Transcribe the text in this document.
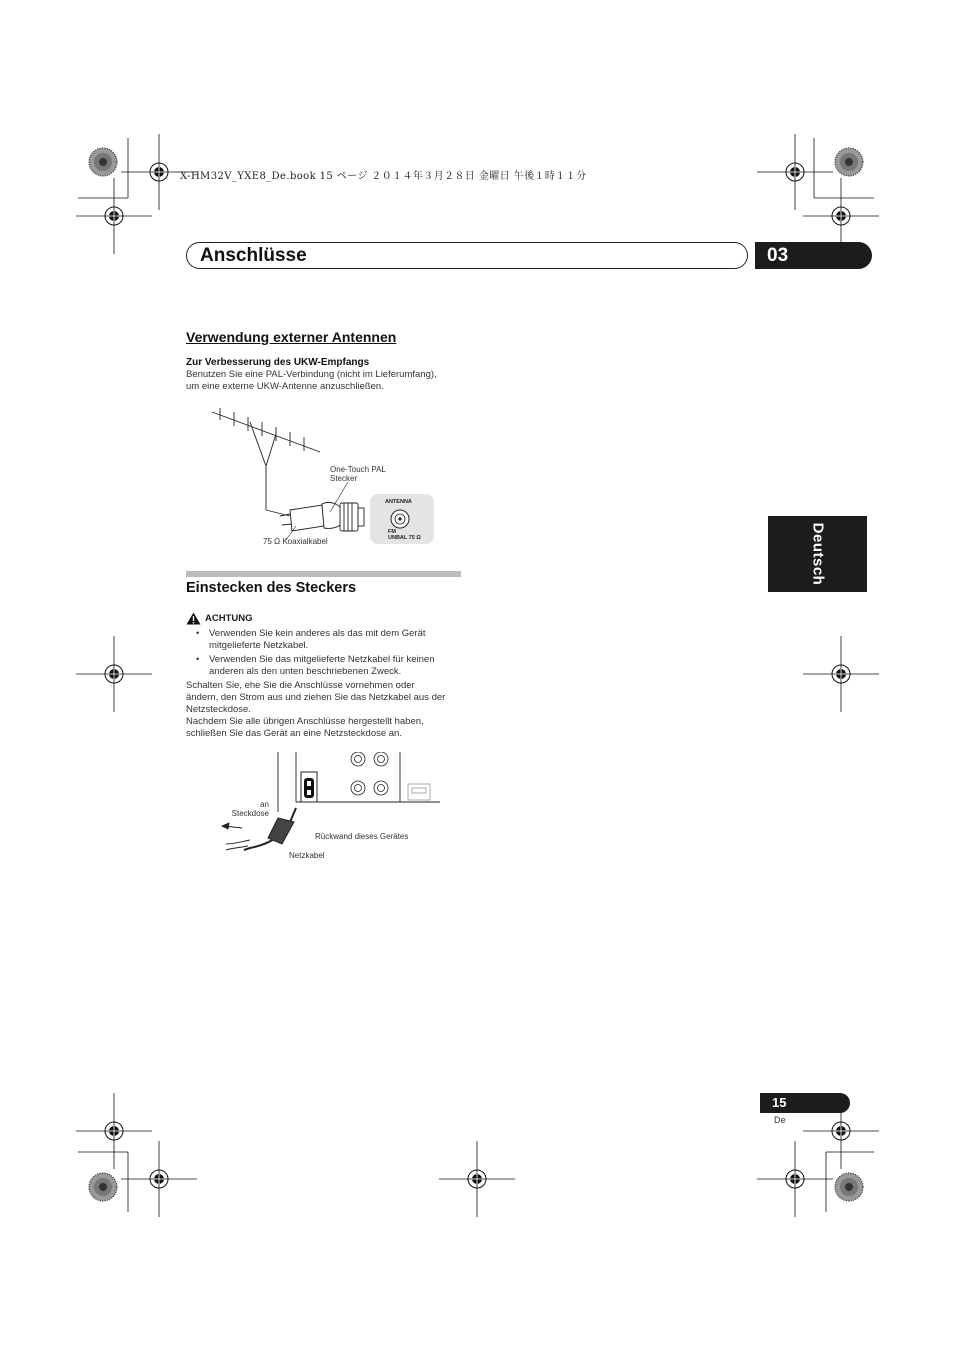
X-HM32V_YXE8_De.book 15 ページ ２０１４年３月２８日 金曜日 午後１時１１分
Anschlüsse	03
Deutsch
Verwendung externer Antennen
Zur Verbesserung des UKW-Empfangs
Benutzen Sie eine PAL-Verbindung (nicht im Lieferumfang),
um eine externe UKW-Antenne anzuschließen.
One-Touch PAL
Stecker
ANTENNA
FM
UNBAL 75 Ω
75 Ω Koaxialkabel
Einstecken des Steckers
ACHTUNG
• Verwenden Sie kein anderes als das mit dem Gerät
mitgelieferte Netzkabel.
• Verwenden Sie das mitgelieferte Netzkabel für keinen
anderen als den unten beschriebenen Zweck.
Schalten Sie, ehe Sie die Anschlüsse vornehmen oder
ändern, den Strom aus und ziehen Sie das Netzkabel aus der
Netzsteckdose.
Nachdem Sie alle übrigen Anschlüsse hergestellt haben,
schließen Sie das Gerät an eine Netzsteckdose an.
an
Steckdose
Rückwand dieses Gerätes
Netzkabel
15
De
